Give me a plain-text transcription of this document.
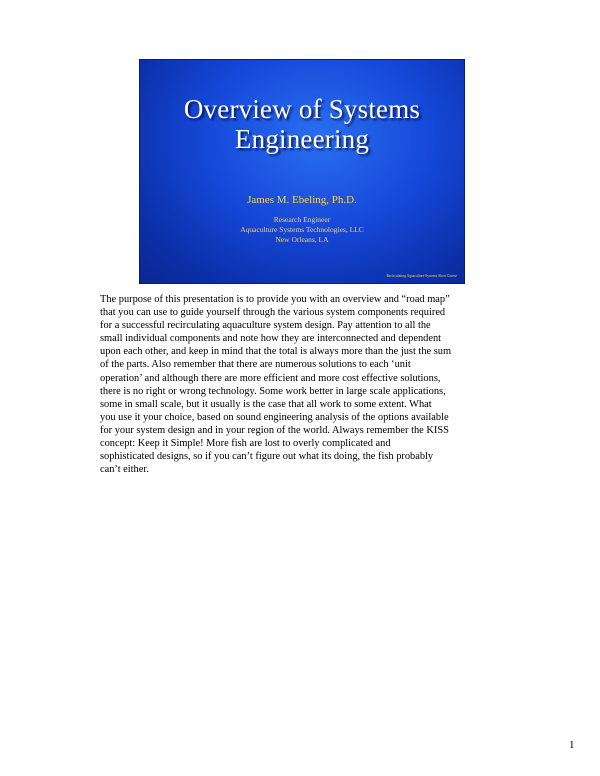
Overview of Systems
Engineering
James M. Ebeling, Ph.D.
Research Engineer
Aquaculture Systems Technologies, LLC
New Orleans, LA
Recirculating Aquaculture Systems Short Course
The purpose of this presentation is to provide you with an overview and “road map”
that you can use to guide yourself through the various system components required
for a successful recirculating aquaculture system design. Pay attention to all the
small individual components and note how they are interconnected and dependent
upon each other, and keep in mind that the total is always more than the just the sum
of the parts. Also remember that there are numerous solutions to each ‘unit
operation’ and although there are more efficient and more cost effective solutions,
there is no right or wrong technology. Some work better in large scale applications,
some in small scale, but it usually is the case that all work to some extent. What
you use it your choice, based on sound engineering analysis of the options available
for your system design and in your region of the world. Always remember the KISS
concept: Keep it Simple! More fish are lost to overly complicated and
sophisticated designs, so if you can’t figure out what its doing, the fish probably
can’t either.
1
